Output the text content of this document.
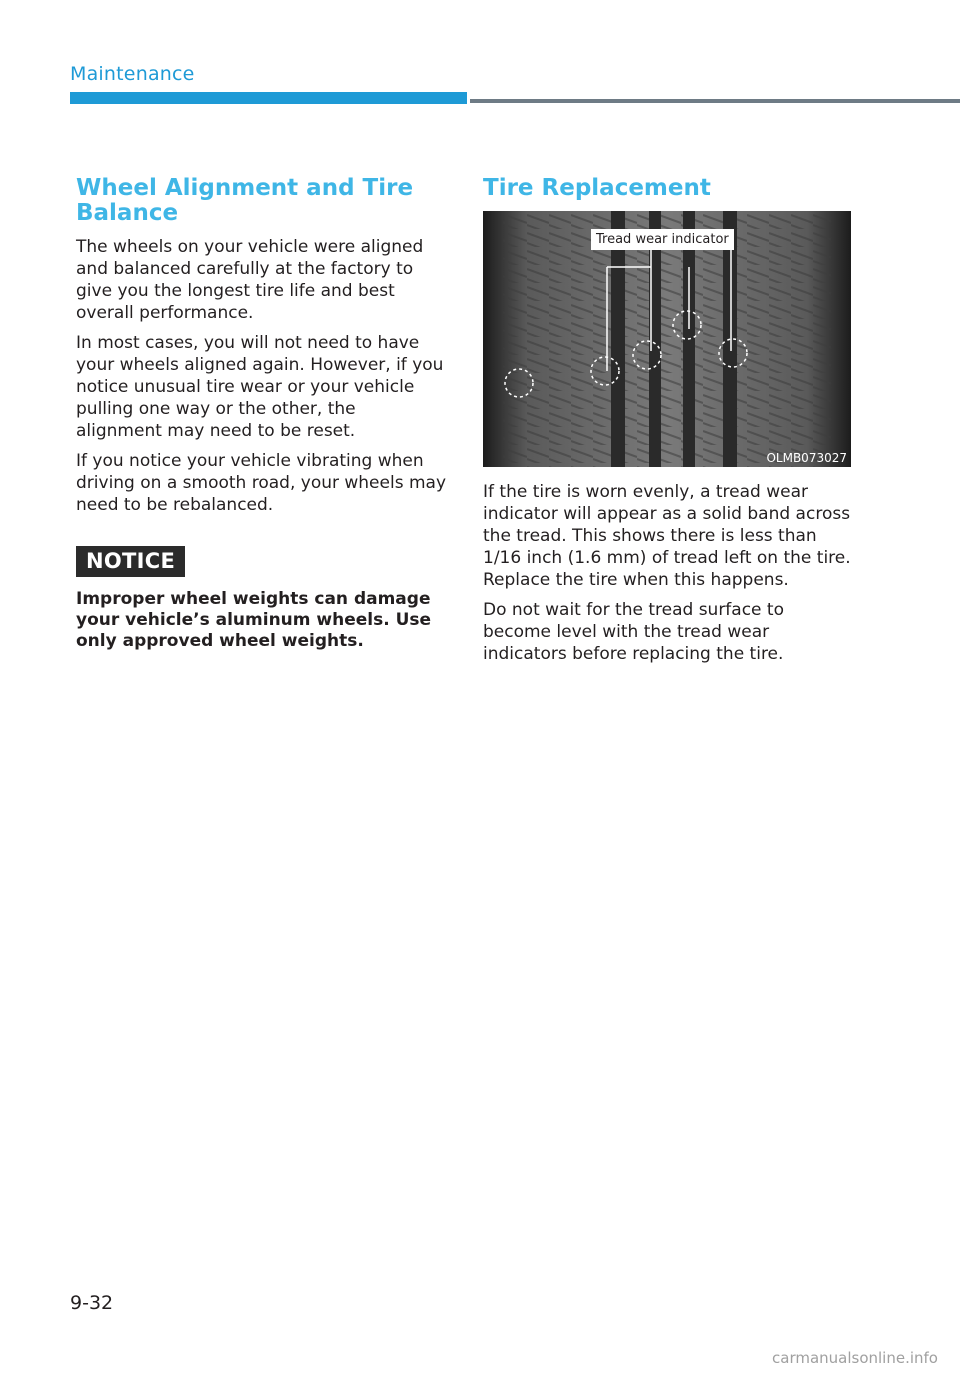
Maintenance
Wheel Alignment and Tire Balance

The wheels on your vehicle were aligned and balanced carefully at the factory to give you the longest tire life and best overall performance.

In most cases, you will not need to have your wheels aligned again. However, if you notice unusual tire wear or your vehicle pulling one way or the other, the alignment may need to be reset.

If you notice your vehicle vibrating when driving on a smooth road, your wheels may need to be rebalanced.

NOTICE

Improper wheel weights can damage your vehicle’s aluminum wheels. Use only approved wheel weights.

Tire Replacement
Tread wear indicator
OLMB073027

If the tire is worn evenly, a tread wear indicator will appear as a solid band across the tread. This shows there is less than 1/16 inch (1.6 mm) of tread left on the tire. Replace the tire when this happens.

Do not wait for the tread surface to become level with the tread wear indicators before replacing the tire.

9-32
carmanualsonline.info
